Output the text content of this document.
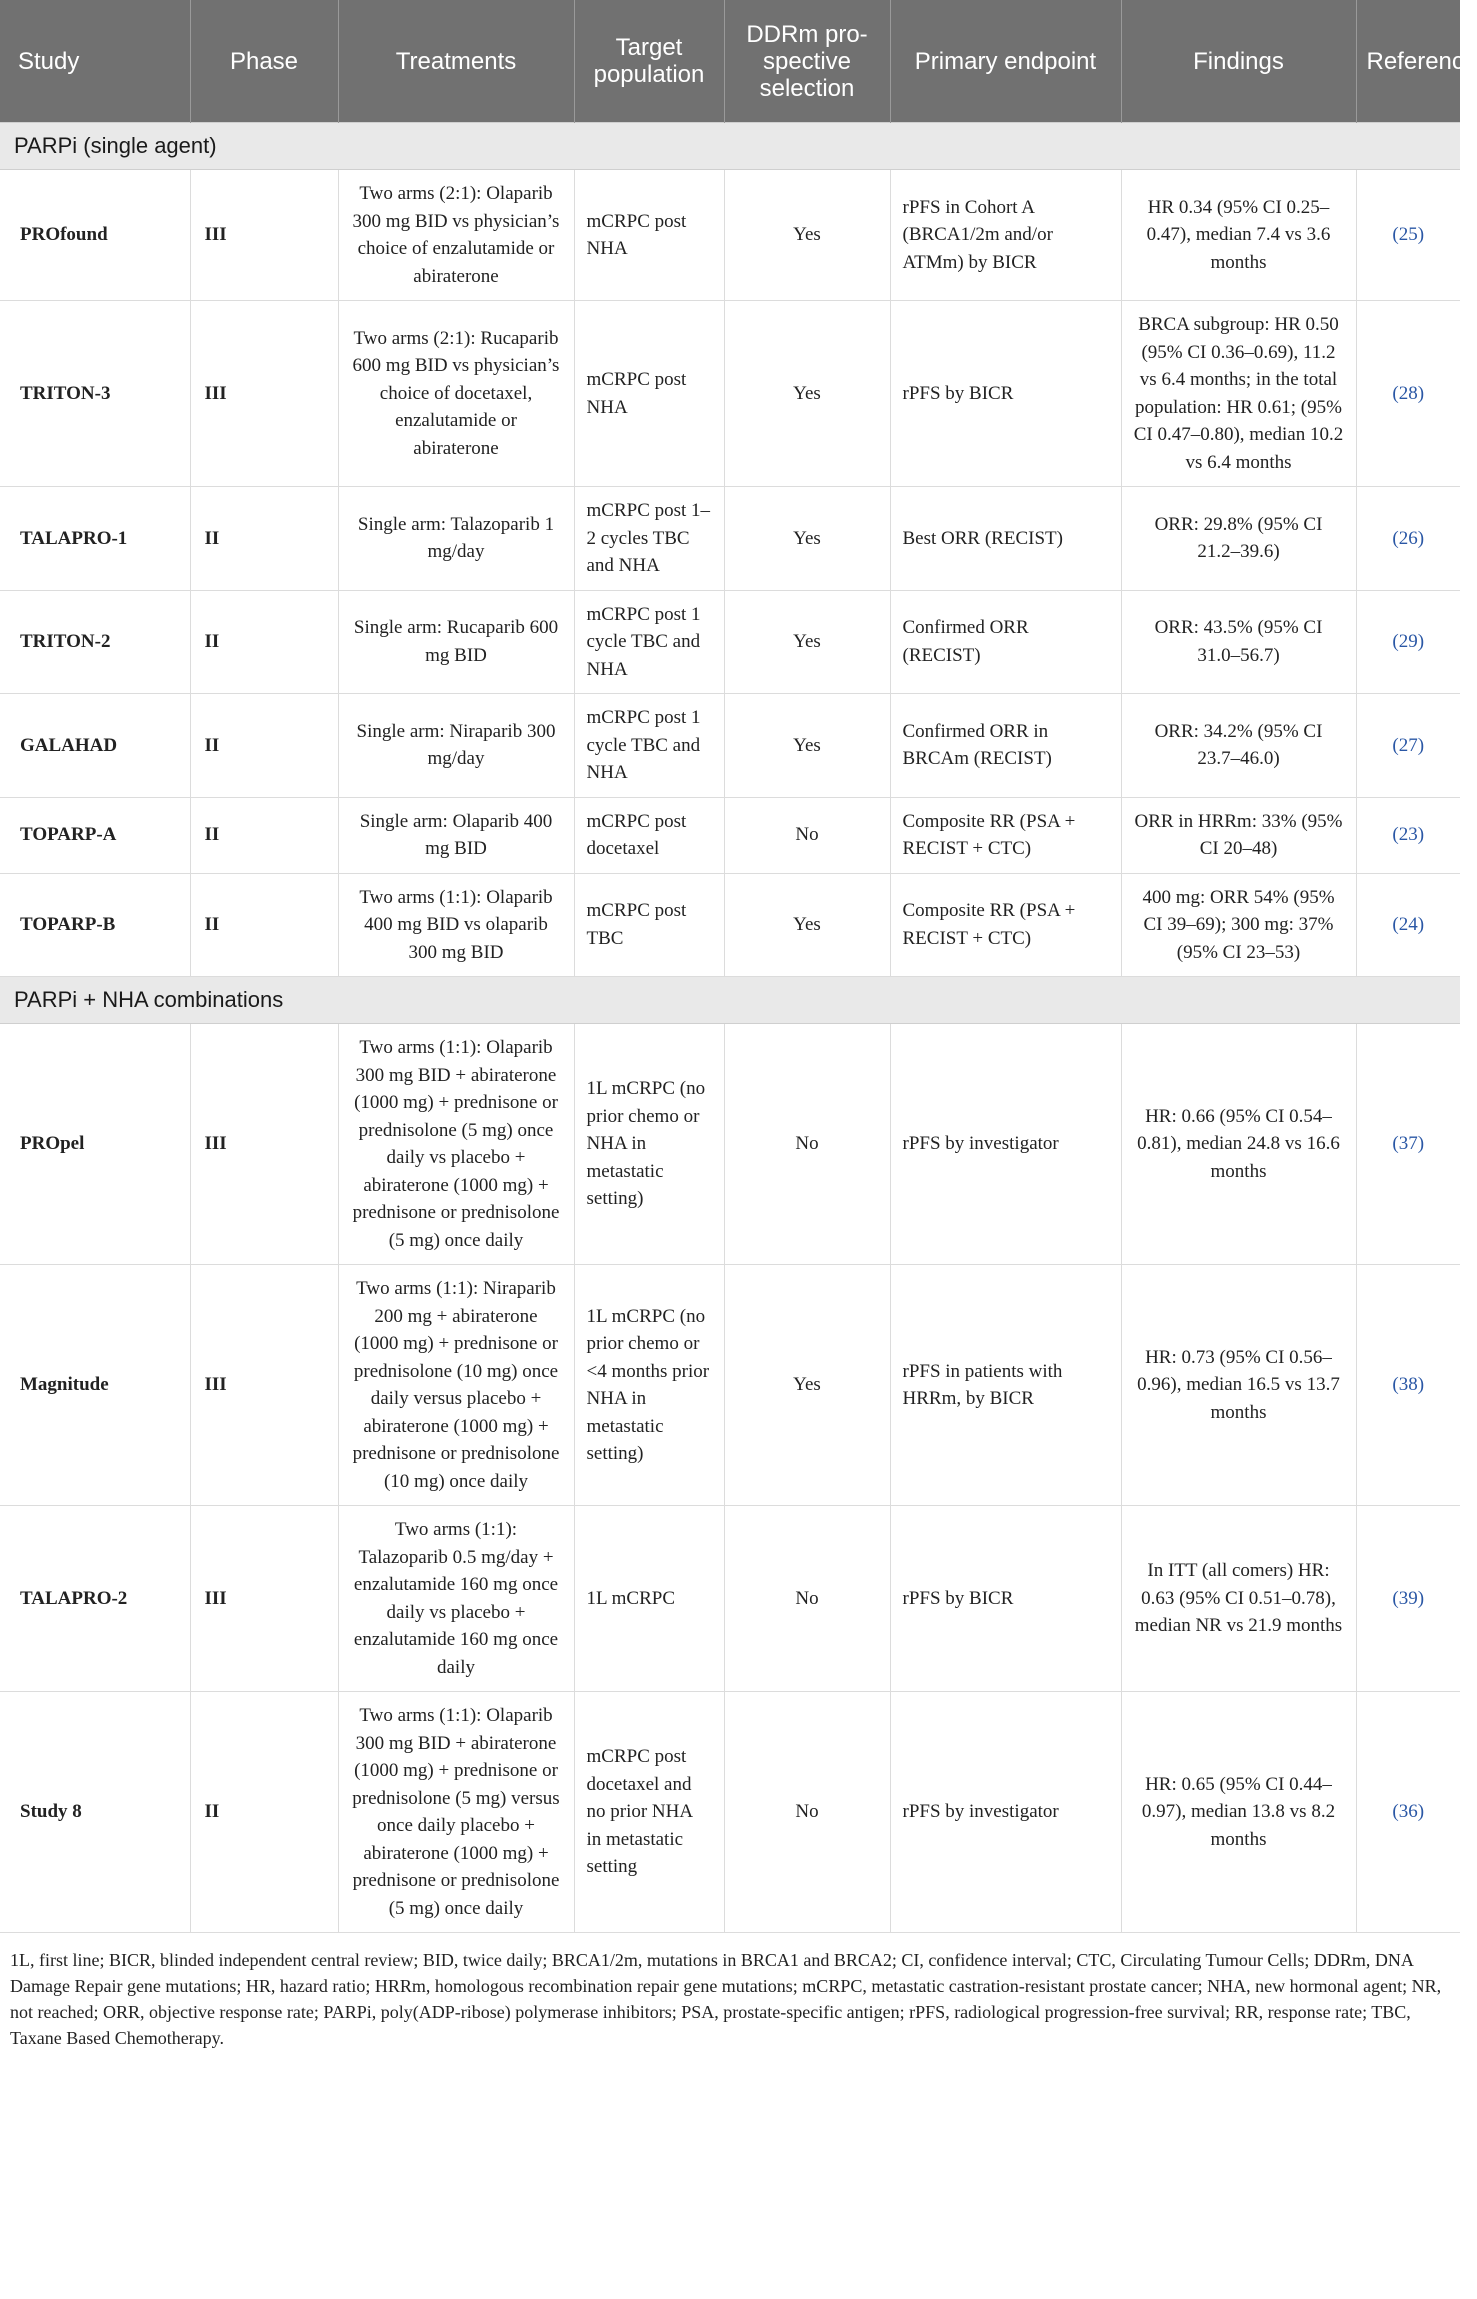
Study	Phase	Treatments	Target population	DDRm pro-spective selection	Primary endpoint	Findings	Reference
PARPi (single agent)							
PROfound	III	Two arms (2:1): Olaparib 300 mg BID vs physician’s choice of enzalutamide or abiraterone	mCRPC post NHA	Yes	rPFS in Cohort A (BRCA1/2m and/or ATMm) by BICR	HR 0.34 (95% CI 0.25–0.47), median 7.4 vs 3.6 months	(25)
TRITON-3	III	Two arms (2:1): Rucaparib 600 mg BID vs physician’s choice of docetaxel, enzalutamide or abiraterone	mCRPC post NHA	Yes	rPFS by BICR	BRCA subgroup: HR 0.50 (95% CI 0.36–0.69), 11.2 vs 6.4 months; in the total population: HR 0.61; (95% CI 0.47–0.80), median 10.2 vs 6.4 months	(28)
TALAPRO-1	II	Single arm: Talazoparib 1 mg/day	mCRPC post 1–2 cycles TBC and NHA	Yes	Best ORR (RECIST)	ORR: 29.8% (95% CI 21.2–39.6)	(26)
TRITON-2	II	Single arm: Rucaparib 600 mg BID	mCRPC post 1 cycle TBC and NHA	Yes	Confirmed ORR (RECIST)	ORR: 43.5% (95% CI 31.0–56.7)	(29)
GALAHAD	II	Single arm: Niraparib 300 mg/day	mCRPC post 1 cycle TBC and NHA	Yes	Confirmed ORR in BRCAm (RECIST)	ORR: 34.2% (95% CI 23.7–46.0)	(27)
TOPARP-A	II	Single arm: Olaparib 400 mg BID	mCRPC post docetaxel	No	Composite RR (PSA + RECIST + CTC)	ORR in HRRm: 33% (95% CI 20–48)	(23)
TOPARP-B	II	Two arms (1:1): Olaparib 400 mg BID vs olaparib 300 mg BID	mCRPC post TBC	Yes	Composite RR (PSA + RECIST + CTC)	400 mg: ORR 54% (95% CI 39–69); 300 mg: 37% (95% CI 23–53)	(24)
PARPi + NHA combinations							
PROpel	III	Two arms (1:1): Olaparib 300 mg BID + abiraterone (1000 mg) + prednisone or prednisolone (5 mg) once daily vs placebo + abiraterone (1000 mg) + prednisone or prednisolone (5 mg) once daily	1L mCRPC (no prior chemo or NHA in metastatic setting)	No	rPFS by investigator	HR: 0.66 (95% CI 0.54–0.81), median 24.8 vs 16.6 months	(37)
Magnitude	III	Two arms (1:1): Niraparib 200 mg + abiraterone (1000 mg) + prednisone or prednisolone (10 mg) once daily versus placebo + abiraterone (1000 mg) + prednisone or prednisolone (10 mg) once daily	1L mCRPC (no prior chemo or <4 months prior NHA in metastatic setting)	Yes	rPFS in patients with HRRm, by BICR	HR: 0.73 (95% CI 0.56–0.96), median 16.5 vs 13.7 months	(38)
TALAPRO-2	III	Two arms (1:1): Talazoparib 0.5 mg/day + enzalutamide 160 mg once daily vs placebo + enzalutamide 160 mg once daily	1L mCRPC	No	rPFS by BICR	In ITT (all comers) HR: 0.63 (95% CI 0.51–0.78), median NR vs 21.9 months	(39)
Study 8	II	Two arms (1:1): Olaparib 300 mg BID + abiraterone (1000 mg) + prednisone or prednisolone (5 mg) versus once daily placebo + abiraterone (1000 mg) + prednisone or prednisolone (5 mg) once daily	mCRPC post docetaxel and no prior NHA in metastatic setting	No	rPFS by investigator	HR: 0.65 (95% CI 0.44–0.97), median 13.8 vs 8.2 months	(36)
1L, first line; BICR, blinded independent central review; BID, twice daily; BRCA1/2m, mutations in BRCA1 and BRCA2; CI, confidence interval; CTC, Circulating Tumour Cells; DDRm, DNA Damage Repair gene mutations; HR, hazard ratio; HRRm, homologous recombination repair gene mutations; mCRPC, metastatic castration-resistant prostate cancer; NHA, new hormonal agent; NR, not reached; ORR, objective response rate; PARPi, poly(ADP-ribose) polymerase inhibitors; PSA, prostate-specific antigen; rPFS, radiological progression-free survival; RR, response rate; TBC, Taxane Based Chemotherapy.
